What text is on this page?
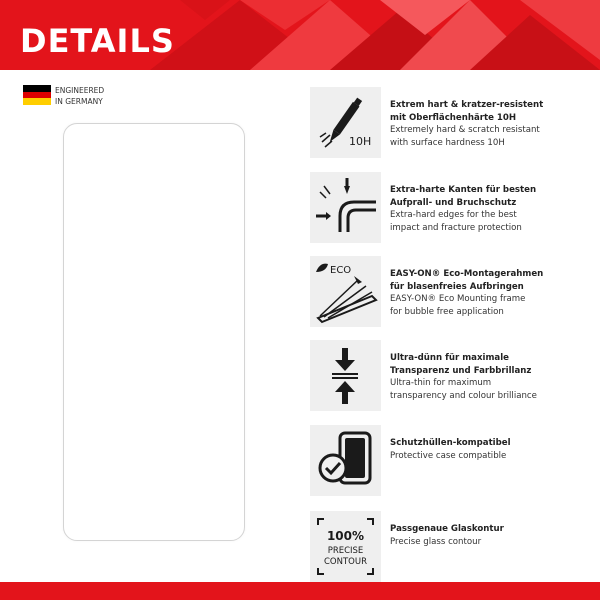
DETAILS
ENGINEERED
IN GERMANY
10H
Extrem hart & kratzer-resistent
mit Oberflächenhärte 10H
Extremely hard & scratch resistant
with surface hardness 10H
Extra-harte Kanten für besten
Aufprall- und Bruchschutz
Extra-hard edges for the best
impact and fracture protection
ECO	EASY-ON® Eco-Montagerahmen
für blasenfreies Aufbringen
EASY-ON® Eco Mounting frame
for bubble free application
Ultra-dünn für maximale
Transparenz und Farbbrillanz
Ultra-thin for maximum
transparency and colour brilliance
Schutzhüllen-kompatibel
Protective case compatible
100%
PRECISE
CONTOUR
Passgenaue Glaskontur
Precise glass contour
